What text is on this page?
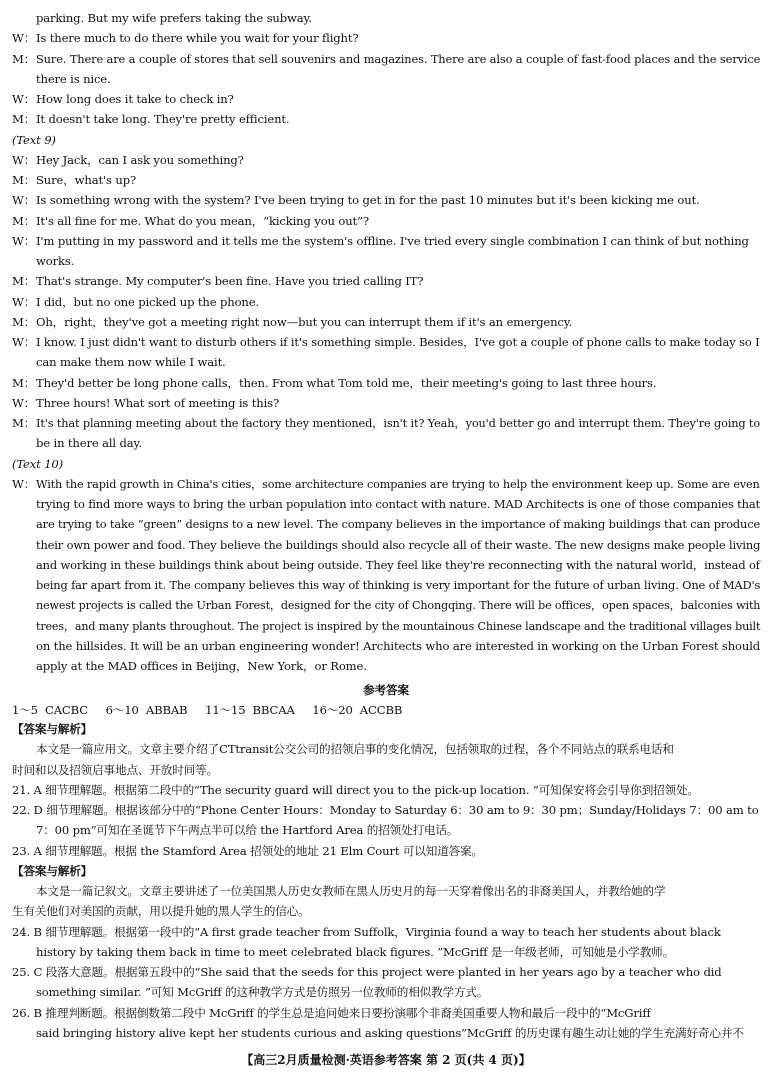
parking. But my wife prefers taking the subway.
W： Is there much to do there while you wait for your flight?
M： Sure. There are a couple of stores that sell souvenirs and magazines. There are also a couple of fast-food places and the service
there is nice.
W： How long does it take to check in?
M： It doesn't take long. They're pretty efficient.
(Text 9)
W： Hey Jack，can I ask you something?
M： Sure，what's up?
W： Is something wrong with the system? I've been trying to get in for the past 10 minutes but it's been kicking me out.
M： It's all fine for me. What do you mean，“kicking you out”?
W： I'm putting in my password and it tells me the system's offline. I've tried every single combination I can think of but nothing
works.
M： That's strange. My computer's been fine. Have you tried calling IT?
W： I did，but no one picked up the phone.
M： Oh，right，they've got a meeting right now—but you can interrupt them if it's an emergency.
W： I know. I just didn't want to disturb others if it's something simple. Besides，I've got a couple of phone calls to make today so I
can make them now while I wait.
M： They'd better be long phone calls，then. From what Tom told me，their meeting's going to last three hours.
W： Three hours! What sort of meeting is this?
M： It's that planning meeting about the factory they mentioned，isn't it? Yeah，you'd better go and interrupt them. They're going to
be in there all day.
(Text 10)
W： With the rapid growth in China's cities，some architecture companies are trying to help the environment keep up. Some are even
trying to find more ways to bring the urban population into contact with nature. MAD Architects is one of those companies that
are trying to take “green” designs to a new level. The company believes in the importance of making buildings that can produce
their own power and food. They believe the buildings should also recycle all of their waste. The new designs make people living
and working in these buildings think about being outside. They feel like they're reconnecting with the natural world，instead of
being far apart from it. The company believes this way of thinking is very important for the future of urban living. One of MAD's
newest projects is called the Urban Forest，designed for the city of Chongqing. There will be offices，open spaces，balconies with
trees，and many plants throughout. The project is inspired by the mountainous Chinese landscape and the traditional villages built
on the hillsides. It will be an urban engineering wonder! Architects who are interested in working on the Urban Forest should
apply at the MAD offices in Beijing，New York，or Rome.
参考答案
1～5 CACBC 6～10 ABBAB 11～15 BBCAA 16～20 ACCBB
【答案与解析】
本文是一篇应用文。文章主要介绍了CTtransit公交公司的招领启事的变化情况，包括领取的过程，各个不同站点的联系电话和
时间和以及招领启事地点、开放时间等。
21. A 细节理解题。根据第二段中的“The security guard will direct you to the pick-up location. ”可知保安将会引导你到招领处。
22. D 细节理解题。根据该部分中的“Phone Center Hours：Monday to Saturday 6：30 am to 9：30 pm；Sunday/Holidays 7：00 am to
7：00 pm”可知在圣诞节下午两点半可以给 the Hartford Area 的招领处打电话。
23. A 细节理解题。根据 the Stamford Area 招领处的地址 21 Elm Court 可以知道答案。
【答案与解析】
本文是一篇记叙文。文章主要讲述了一位美国黑人历史女教师在黑人历史月的每一天穿着像出名的非裔美国人，并教给她的学
生有关他们对美国的贡献，用以提升她的黑人学生的信心。
24. B 细节理解题。根据第一段中的“A first grade teacher from Suffolk，Virginia found a way to teach her students about black
history by taking them back in time to meet celebrated black figures. ”McGriff 是一年级老师，可知她是小学教师。
25. C 段落大意题。根据第五段中的“She said that the seeds for this project were planted in her years ago by a teacher who did
something similar. ”可知 McGriff 的这种教学方式是仿照另一位教师的相似教学方式。
26. B 推理判断题。根据倒数第二段中 McGriff 的学生总是追问她来日要扮演哪个非裔美国重要人物和最后一段中的“McGriff
said bringing history alive kept her students curious and asking questions”McGriff 的历史课有趣生动让她的学生充满好奇心并不
【高三2月质量检测·英语参考答案 第 2 页(共 4 页)】
